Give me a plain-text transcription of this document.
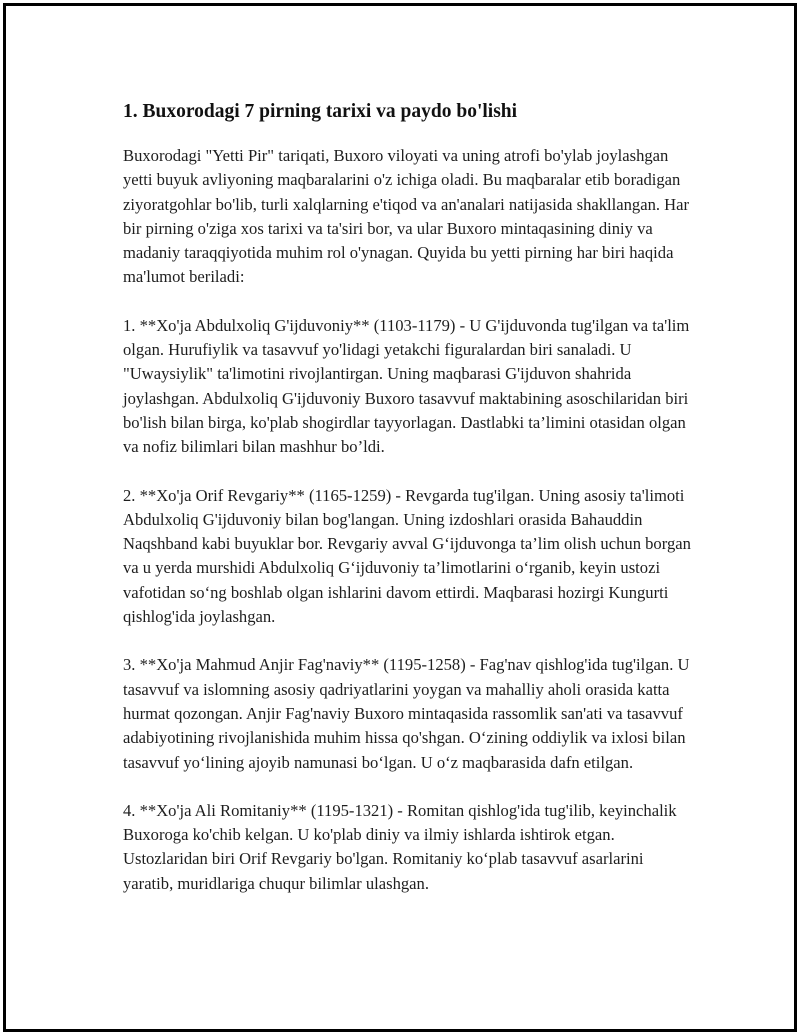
1. Buxorodagi 7 pirning tarixi va paydo bo'lishi

Buxorodagi "Yetti Pir" tariqati, Buxoro viloyati va uning atrofi bo'ylab joylashgan yetti buyuk avliyoning maqbaralarini o'z ichiga oladi. Bu maqbaralar etib boradigan ziyoratgohlar bo'lib, turli xalqlarning e'tiqod va an'analari natijasida shakllangan. Har bir pirning o'ziga xos tarixi va ta'siri bor, va ular Buxoro mintaqasining diniy va madaniy taraqqiyotida muhim rol o'ynagan. Quyida bu yetti pirning har biri haqida ma'lumot beriladi:

1. **Xo'ja Abdulxoliq G'ijduvoniy** (1103-1179) - U G'ijduvonda tug'ilgan va ta'lim olgan. Hurufiylik va tasavvuf yo'lidagi yetakchi figuralardan biri sanaladi. U "Uwaysiylik" ta'limotini rivojlantirgan. Uning maqbarasi G'ijduvon shahrida joylashgan. Abdulxoliq G'ijduvoniy Buxoro tasavvuf maktabining asoschilaridan biri bo'lish bilan birga, ko'plab shogirdlar tayyorlagan. Dastlabki ta’limini otasidan olgan va nofiz bilimlari bilan mashhur bo’ldi.

2. **Xo'ja Orif Revgariy** (1165-1259) - Revgarda tug'ilgan. Uning asosiy ta'limoti Abdulxoliq G'ijduvoniy bilan bog'langan. Uning izdoshlari orasida Bahauddin Naqshband kabi buyuklar bor. Revgariy avval G‘ijduvonga ta’lim olish uchun borgan va u yerda murshidi Abdulxoliq G‘ijduvoniy ta’limotlarini o‘rganib, keyin ustozi vafotidan so‘ng boshlab olgan ishlarini davom ettirdi. Maqbarasi hozirgi Kungurti qishlog'ida joylashgan.

3. **Xo'ja Mahmud Anjir Fag'naviy** (1195-1258) - Fag'nav qishlog'ida tug'ilgan. U tasavvuf va islomning asosiy qadriyatlarini yoygan va mahalliy aholi orasida katta hurmat qozongan. Anjir Fag'naviy Buxoro mintaqasida rassomlik san'ati va tasavvuf adabiyotining rivojlanishida muhim hissa qo'shgan. O‘zining oddiylik va ixlosi bilan tasavvuf yo‘lining ajoyib namunasi bo‘lgan. U o‘z maqbarasida dafn etilgan.

4. **Xo'ja Ali Romitaniy** (1195-1321) - Romitan qishlog'ida tug'ilib, keyinchalik Buxoroga ko'chib kelgan. U ko'plab diniy va ilmiy ishlarda ishtirok etgan. Ustozlaridan biri Orif Revgariy bo'lgan. Romitaniy ko‘plab tasavvuf asarlarini yaratib, muridlariga chuqur bilimlar ulashgan.
